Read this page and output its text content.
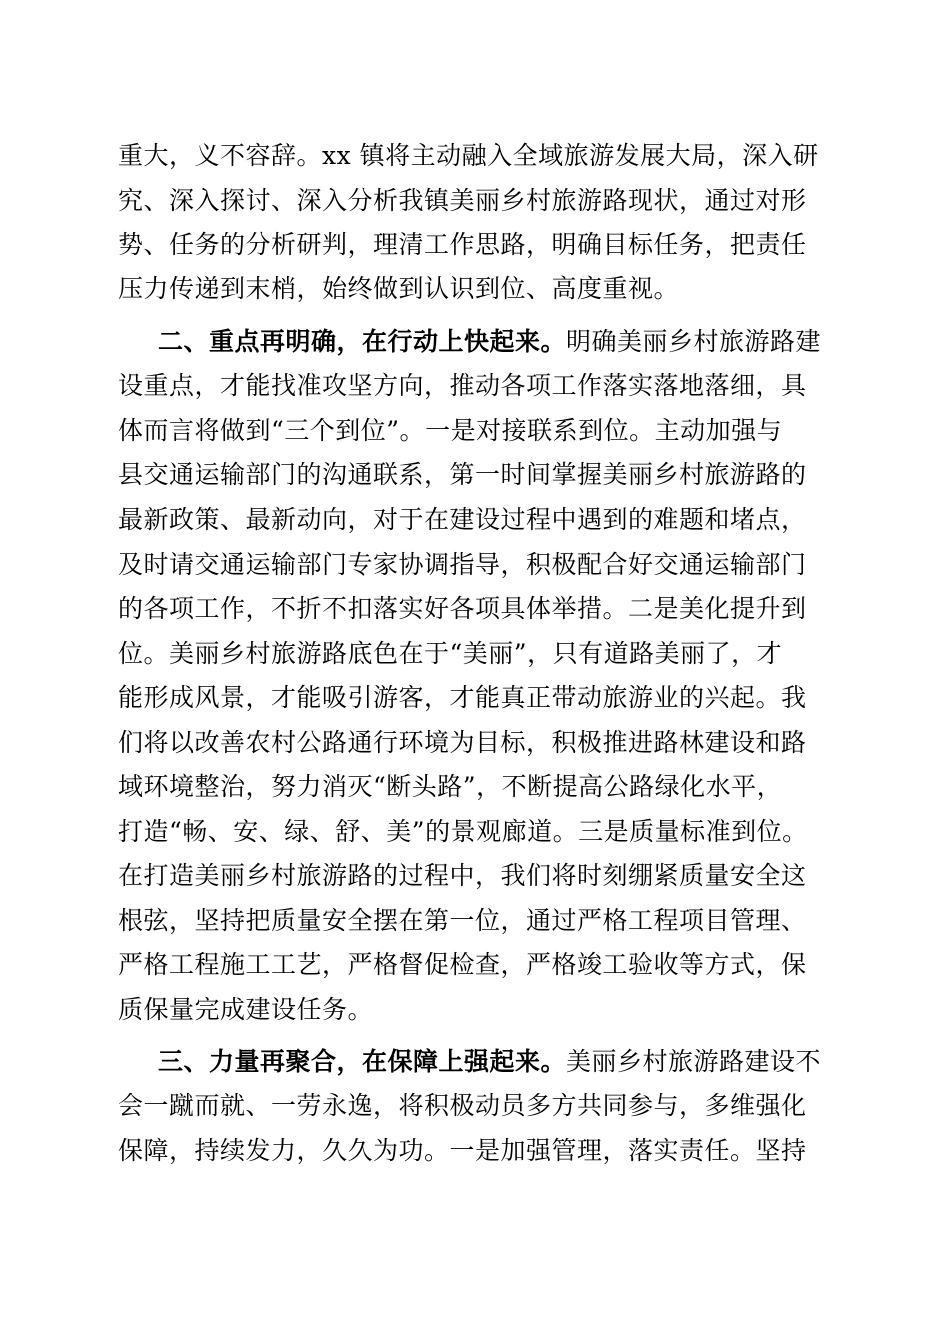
重大，义不容辞。xx 镇将主动融入全域旅游发展大局，深入研
究、深入探讨、深入分析我镇美丽乡村旅游路现状，通过对形
势、任务的分析研判，理清工作思路，明确目标任务，把责任
压力传递到末梢，始终做到认识到位、高度重视。
二、重点再明确，在行动上快起来。明确美丽乡村旅游路建
设重点，才能找准攻坚方向，推动各项工作落实落地落细，具
体而言将做到“三个到位”。一是对接联系到位。主动加强与
县交通运输部门的沟通联系，第一时间掌握美丽乡村旅游路的
最新政策、最新动向，对于在建设过程中遇到的难题和堵点，
及时请交通运输部门专家协调指导，积极配合好交通运输部门
的各项工作，不折不扣落实好各项具体举措。二是美化提升到
位。美丽乡村旅游路底色在于“美丽”，只有道路美丽了，才
能形成风景，才能吸引游客，才能真正带动旅游业的兴起。我
们将以改善农村公路通行环境为目标，积极推进路林建设和路
域环境整治，努力消灭“断头路”，不断提高公路绿化水平，
打造“畅、安、绿、舒、美”的景观廊道。三是质量标准到位。
在打造美丽乡村旅游路的过程中，我们将时刻绷紧质量安全这
根弦，坚持把质量安全摆在第一位，通过严格工程项目管理、
严格工程施工工艺，严格督促检查，严格竣工验收等方式，保
质保量完成建设任务。
三、力量再聚合，在保障上强起来。美丽乡村旅游路建设不
会一蹴而就、一劳永逸，将积极动员多方共同参与，多维强化
保障，持续发力，久久为功。一是加强管理，落实责任。坚持
